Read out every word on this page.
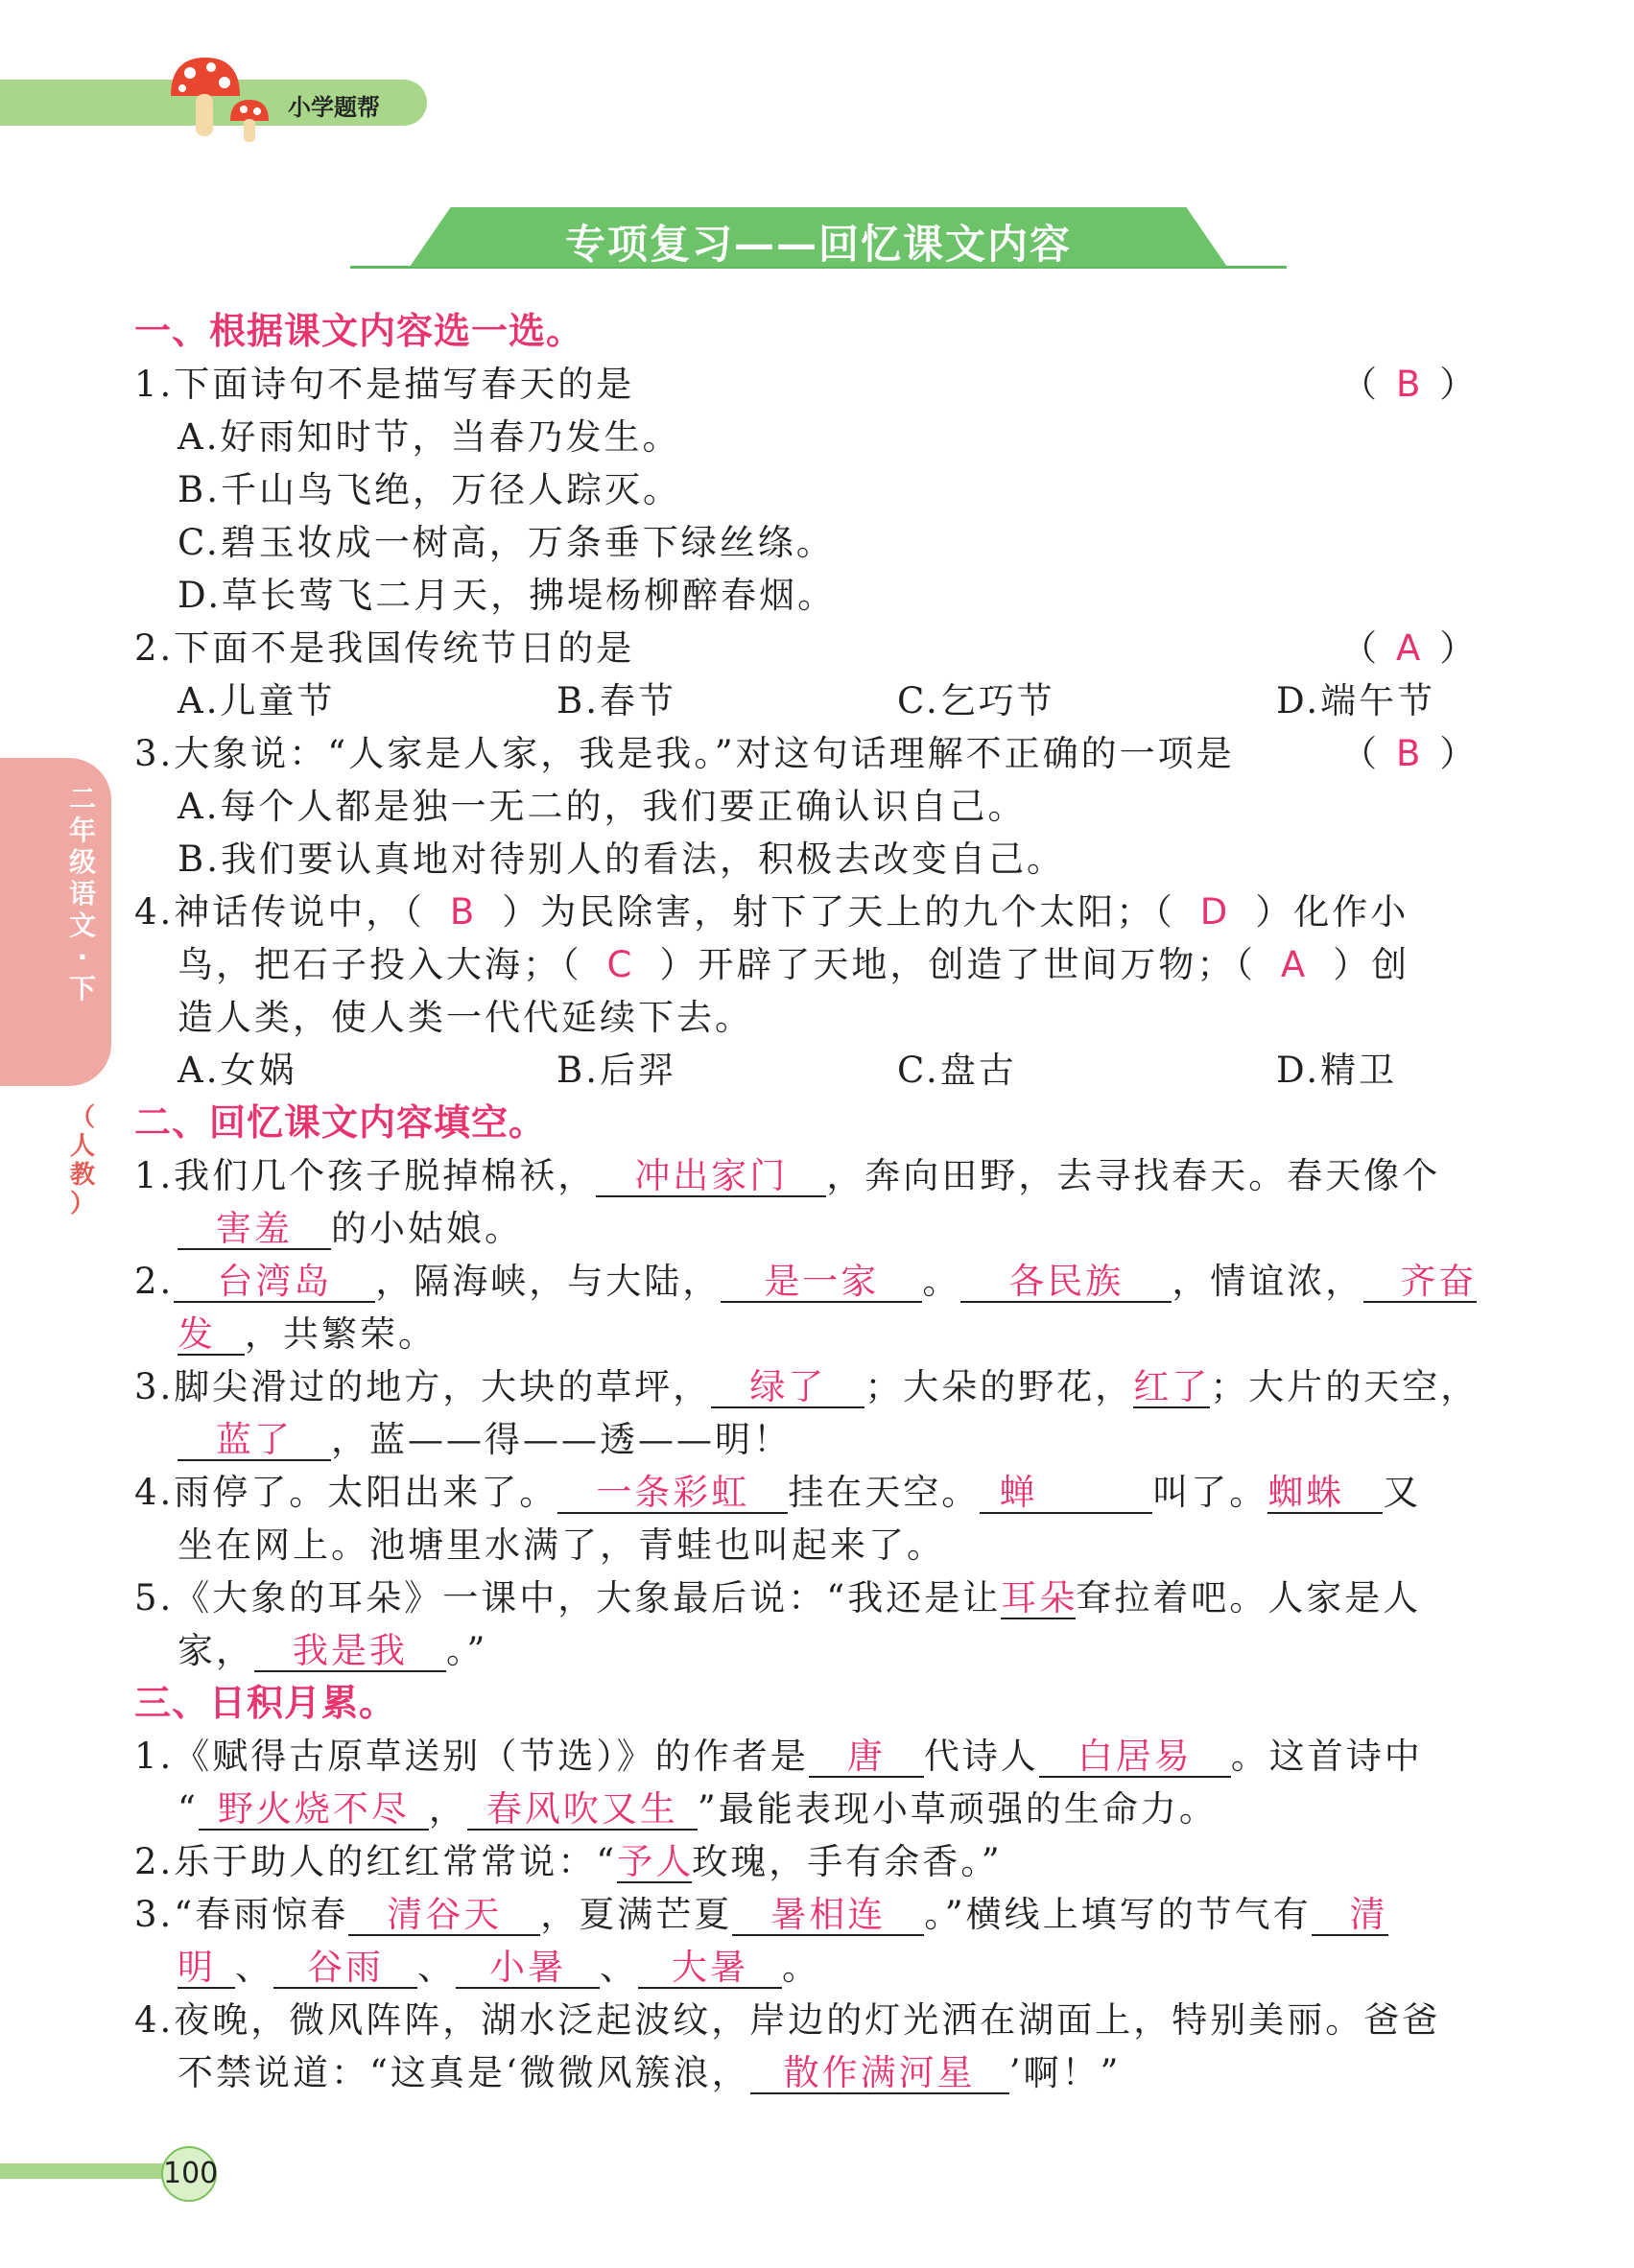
小学题帮
专项复习——回忆课文内容
二
年
级
语
文
·
下
（
人
教
）
一、根据课文内容选一选。
1.下面诗句不是描写春天的是	（ B ）
A.好雨知时节，当春乃发生。
B.千山鸟飞绝，万径人踪灭。
C.碧玉妆成一树高，万条垂下绿丝绦。
D.草长莺飞二月天，拂堤杨柳醉春烟。
2.下面不是我国传统节日的是	（ A ）
A.儿童节	B.春节	C.乞巧节	D.端午节
3.大象说：“人家是人家，我是我。”对这句话理解不正确的一项是	（ B ）
A.每个人都是独一无二的，我们要正确认识自己。
B.我们要认真地对待别人的看法，积极去改变自己。
4.神话传说中，（ B ）为民除害，射下了天上的九个太阳；（ D ）化作小
鸟，把石子投入大海；（ C ）开辟了天地，创造了世间万物；（ A ）创
造人类，使人类一代代延续下去。
A.女娲	B.后羿	C.盘古	D.精卫
二、回忆课文内容填空。
1.我们几个孩子脱掉棉袄， 冲出家门 ，奔向田野，去寻找春天。春天像个
害羞 的小姑娘。
2. 台湾岛 ，隔海峡，与大陆， 是一家 。 各民族 ，情谊浓， 齐奋
发 ，共繁荣。
3.脚尖滑过的地方，大块的草坪， 绿了 ；大朵的野花，红了；大片的天空，
蓝了 ，蓝——得——透——明！
4.雨停了。太阳出来了。 一条彩虹 挂在天空。 蝉	叫了。蜘蛛 又
坐在网上。池塘里水满了，青蛙也叫起来了。
5.《大象的耳朵》一课中，大象最后说：“我还是让耳朵耷拉着吧。人家是人
家， 我是我 。”
三、日积月累。
1.《赋得古原草送别（节选）》的作者是 唐 代诗人 白居易 。这首诗中
“ 野火烧不尽 ， 春风吹又生 ”最能表现小草顽强的生命力。
2.乐于助人的红红常常说：“予人玫瑰，手有余香。”
3.“春雨惊春 清谷天 ，夏满芒夏 暑相连 。”横线上填写的节气有 清
明 、 谷雨 、 小暑 、 大暑 。
4.夜晚，微风阵阵，湖水泛起波纹，岸边的灯光洒在湖面上，特别美丽。爸爸
不禁说道：“这真是‘微微风簇浪， 散作满河星 ’啊！”
100
